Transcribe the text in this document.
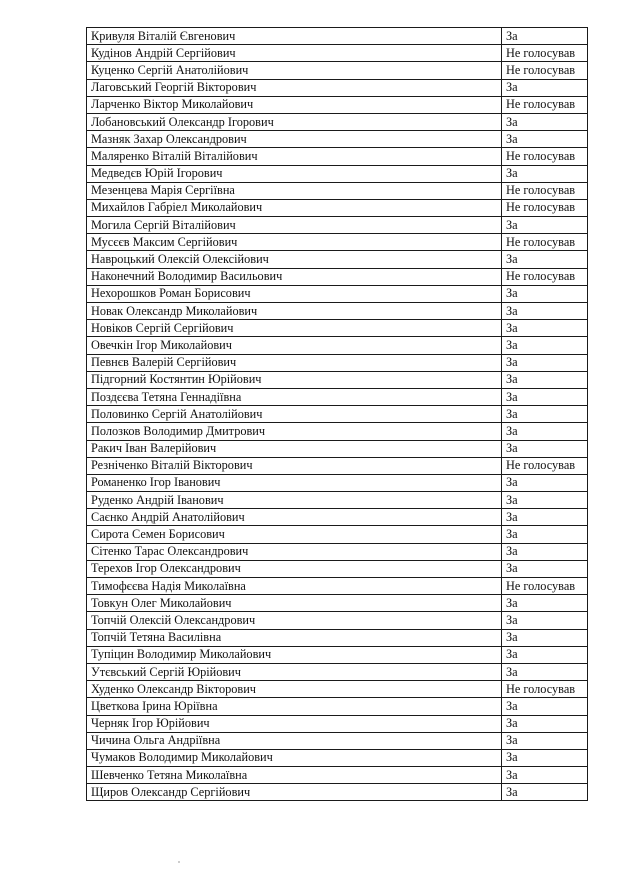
Кривуля Віталій Євгенович	За
Кудінов Андрій Сергійович	Не голосував
Куценко Сергій Анатолійович	Не голосував
Лаговський Георгій Вікторович	За
Ларченко Віктор Миколайович	Не голосував
Лобановський Олександр Ігорович	За
Мазняк Захар Олександрович	За
Маляренко Віталій Віталійович	Не голосував
Медведєв Юрій Ігорович	За
Мезенцева Марія Сергіївна	Не голосував
Михайлов Габріел Миколайович	Не голосував
Могила Сергій Віталійович	За
Мусєєв Максим Сергійович	Не голосував
Навроцький Олексій Олексійович	За
Наконечний Володимир Васильович	Не голосував
Нехорошков Роман Борисович	За
Новак Олександр Миколайович	За
Новіков Сергій Сергійович	За
Овечкін Ігор Миколайович	За
Певнєв Валерій Сергійович	За
Підгорний Костянтин Юрійович	За
Поздєєва Тетяна Геннадіївна	За
Половинко Сергій Анатолійович	За
Полозков Володимир Дмитрович	За
Ракич Іван Валерійович	За
Резніченко Віталій Вікторович	Не голосував
Романенко Ігор Іванович	За
Руденко Андрій Іванович	За
Саєнко Андрій Анатолійович	За
Сирота Семен Борисович	За
Сітенко Тарас Олександрович	За
Терехов Ігор Олександрович	За
Тимофєєва Надія Миколаївна	Не голосував
Товкун Олег Миколайович	За
Топчій Олексій Олександрович	За
Топчій Тетяна Василівна	За
Тупіцин Володимир Миколайович	За
Утєвський Сергій Юрійович	За
Худенко Олександр Вікторович	Не голосував
Цветкова Ірина Юріївна	За
Черняк Ігор Юрійович	За
Чичина Ольга Андріївна	За
Чумаков Володимир Миколайович	За
Шевченко Тетяна Миколаївна	За
Щиров Олександр Сергійович	За
